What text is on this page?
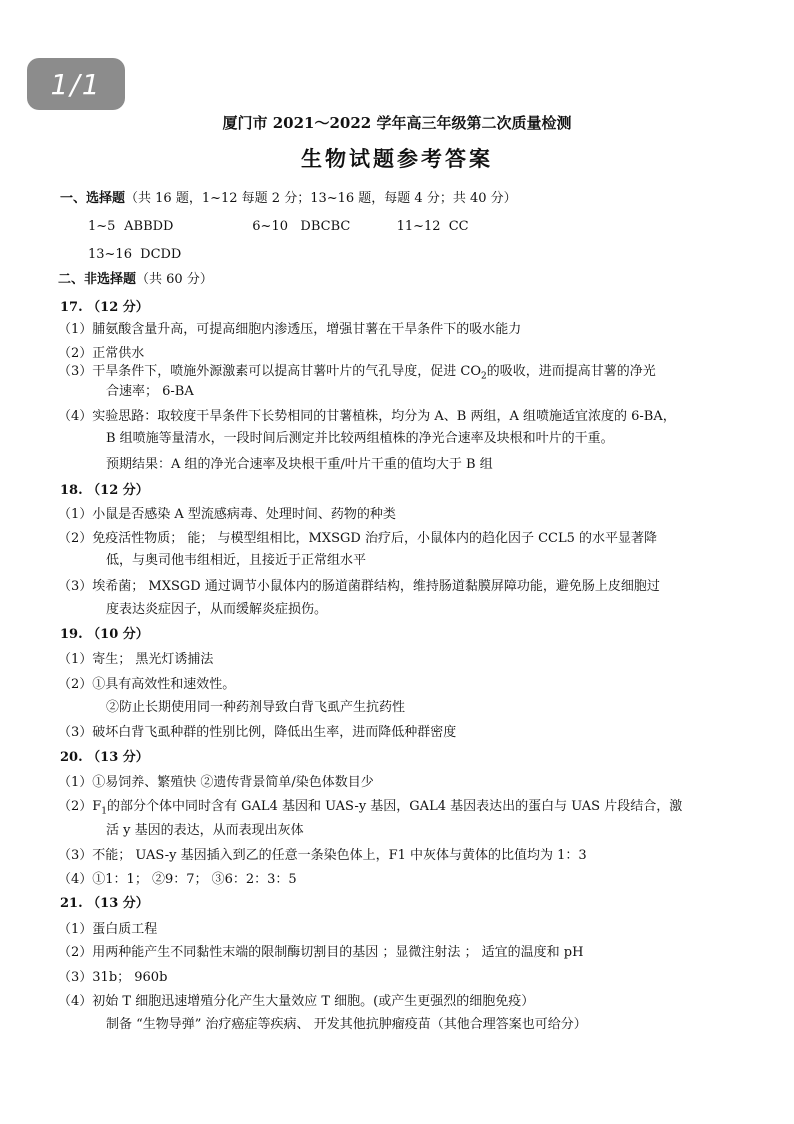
1/1
厦门市 2021～2022 学年高三年级第二次质量检测
生物试题参考答案
一、选择题（共 16 题，1~12 每题 2 分；13~16 题，每题 4 分；共 40 分）
1~5 ABBDD	6~10 DBCBC	11~12 CC
13~16 DCDD
二、非选择题（共 60 分）
17. （12 分）
（1）脯氨酸含量升高，可提高细胞内渗透压，增强甘薯在干旱条件下的吸水能力
（2）正常供水
（3）干旱条件下，喷施外源激素可以提高甘薯叶片的气孔导度，促进 $CO_2$的吸收，进而提高甘薯的净光
合速率； 6-BA
（4）实验思路：取较度干旱条件下长势相同的甘薯植株，均分为 A、B 两组，A 组喷施适宜浓度的 6-BA，
B 组喷施等量清水，一段时间后测定并比较两组植株的净光合速率及块根和叶片的干重。
预期结果：A 组的净光合速率及块根干重/叶片干重的值均大于 B 组
18. （12 分）
（1）小鼠是否感染 A 型流感病毒、处理时间、药物的种类
（2）免疫活性物质； 能； 与模型组相比，MXSGD 治疗后，小鼠体内的趋化因子 CCL5 的水平显著降
低，与奥司他韦组相近，且接近于正常组水平
（3）埃希菌； MXSGD 通过调节小鼠体内的肠道菌群结构，维持肠道黏膜屏障功能，避免肠上皮细胞过
度表达炎症因子，从而缓解炎症损伤。
19. （10 分）
（1）寄生； 黑光灯诱捕法
（2）①具有高效性和速效性。
②防止长期使用同一种药剂导致白背飞虱产生抗药性
（3）破坏白背飞虱种群的性别比例，降低出生率，进而降低种群密度
20. （13 分）
（1）①易饲养、繁殖快 ②遗传背景简单/染色体数目少
$(2)F_1$的部分个体中同时含有 GAL4 基因和 UAS-y 基因，GAL4 基因表达出的蛋白与 UAS 片段结合，激
活 y 基因的表达，从而表现出灰体
（3）不能； UAS-y 基因插入到乙的任意一条染色体上，F1 中灰体与黄体的比值均为 1：3
（4）①1：1； ②9：7； ③6：2：3：5
21. （13 分）
（1）蛋白质工程
（2）用两种能产生不同黏性末端的限制酶切割目的基因 ；显微注射法 ； 适宜的温度和 pH
（3）31b； 960b
（4）初始 T 细胞迅速增殖分化产生大量效应 T 细胞。(或产生更强烈的细胞免疫）
制备 “生物导弹” 治疗癌症等疾病、 开发其他抗肿瘤疫苗（其他合理答案也可给分）
